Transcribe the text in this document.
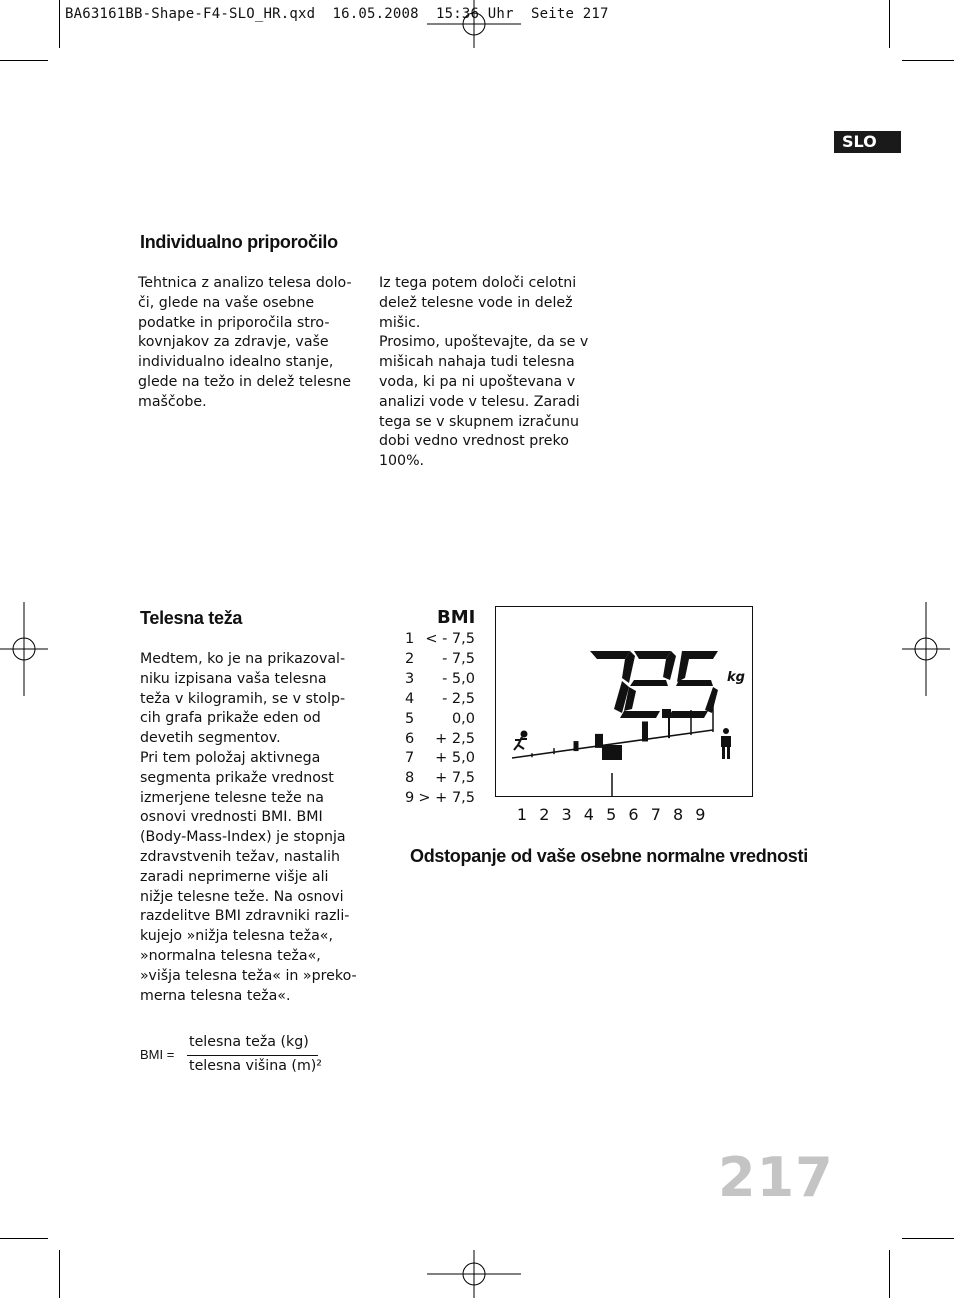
BA63161BB-Shape-F4-SLO_HR.qxd  16.05.2008  15:36 Uhr  Seite 217
SLO
Individualno priporočilo
Tehtnica z analizo telesa dolo-
či, glede na vaše osebne
podatke in priporočila stro-
kovnjakov za zdravje, vaše
individualno idealno stanje,
glede na težo in delež telesne
maščobe.
Iz tega potem določi celotni
delež telesne vode in delež
mišic.
Prosimo, upoštevajte, da se v
mišicah nahaja tudi telesna
voda, ki pa ni upoštevana v
analizi vode v telesu. Zaradi
tega se v skupnem izračunu
dobi vedno vrednost preko
100%.
Telesna teža
Medtem, ko je na prikazoval-
niku izpisana vaša telesna
teža v kilogramih, se v stolp-
cih grafa prikaže eden od
devetih segmentov.
Pri tem položaj aktivnega
segmenta prikaže vrednost
izmerjene telesne teže na
osnovi vrednosti BMI. BMI
(Body-Mass-Index) je stopnja
zdravstvenih težav, nastalih
zaradi neprimerne višje ali
nižje telesne teže. Na osnovi
razdelitve BMI zdravniki razli-
kujejo »nižja telesna teža«,
»normalna telesna teža«,
»višja telesna teža« in »preko-
merna telesna teža«.
BMI =
telesna teža (kg)
telesna višina (m)²
BMI
1 < - 7,5
2 - 7,5
3 - 5,0
4 - 2,5
5	0,0
6 + 2,5
7 + 5,0
8 + 7,5
9 > + 7,5
kg
1 2 3 4 5 6 7 8 9
Odstopanje od vaše osebne normalne vrednosti
217
